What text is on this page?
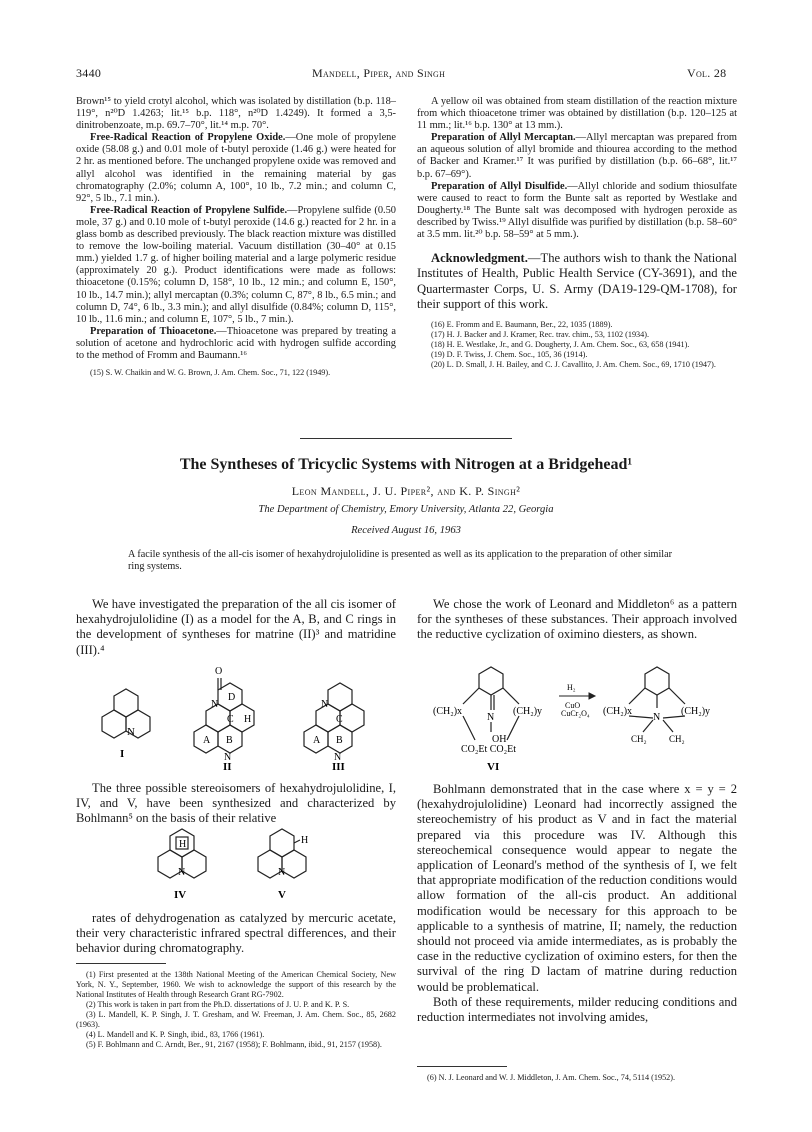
3440	Mandell, Piper, and Singh	Vol. 28

Brown¹⁵ to yield crotyl alcohol, which was isolated by distillation (b.p. 118–119°, n²⁰D 1.4263; lit.¹⁵ b.p. 118°, n²⁰D 1.4249). It formed a 3,5-dinitrobenzoate, m.p. 69.7–70°, lit.¹⁴ m.p. 70°.

Free-Radical Reaction of Propylene Oxide.—One mole of propylene oxide (58.08 g.) and 0.01 mole of t-butyl peroxide (1.46 g.) were heated for 2 hr. as mentioned before. The unchanged propylene oxide was removed and allyl alcohol was identified in the remaining material by gas chromatography (2.0%; column A, 100°, 10 lb., 7.2 min.; and column C, 92°, 5 lb., 7.1 min.).

Free-Radical Reaction of Propylene Sulfide.—Propylene sulfide (0.50 mole, 37 g.) and 0.10 mole of t-butyl peroxide (14.6 g.) reacted for 2 hr. in a glass bomb as described previously. The black reaction mixture was distilled to remove the low-boiling material. Vacuum distillation (30–40° at 0.15 mm.) yielded 1.7 g. of higher boiling material and a large polymeric residue (approximately 20 g.). Product identifications were made as follows: thioacetone (0.15%; column D, 158°, 10 lb., 12 min.; and column E, 150°, 10 lb., 14.7 min.); allyl mercaptan (0.3%; column C, 87°, 8 lb., 6.5 min.; and column D, 74°, 6 lb., 3.3 min.); and allyl disulfide (0.84%; column D, 115°, 10 lb., 11.6 min.; and column E, 107°, 5 lb., 7 min.).

Preparation of Thioacetone.—Thioacetone was prepared by treating a solution of acetone and hydrochloric acid with hydrogen sulfide according to the method of Fromm and Baumann.¹⁶

(15) S. W. Chaikin and W. G. Brown, J. Am. Chem. Soc., 71, 122 (1949).

A yellow oil was obtained from steam distillation of the reaction mixture from which thioacetone trimer was obtained by distillation (b.p. 120–125 at 11 mm.; lit.¹⁶ b.p. 130° at 13 mm.).

Preparation of Allyl Mercaptan.—Allyl mercaptan was prepared from an aqueous solution of allyl bromide and thiourea according to the method of Backer and Kramer.¹⁷ It was purified by distillation (b.p. 66–68°, lit.¹⁷ b.p. 67–69°).

Preparation of Allyl Disulfide.—Allyl chloride and sodium thiosulfate were caused to react to form the Bunte salt as reported by Westlake and Dougherty.¹⁸ The Bunte salt was decomposed with hydrogen peroxide as described by Twiss.¹⁹ Allyl disulfide was purified by distillation (b.p. 58–60° at 3.5 mm. lit.²⁰ b.p. 58–59° at 5 mm.).

Acknowledgment.—The authors wish to thank the National Institutes of Health, Public Health Service (CY-3691), and the Quartermaster Corps, U. S. Army (DA19-129-QM-1708), for their support of this work.

(16) E. Fromm and E. Baumann, Ber., 22, 1035 (1889).

(17) H. J. Backer and J. Kramer, Rec. trav. chim., 53, 1102 (1934).

(18) H. E. Westlake, Jr., and G. Dougherty, J. Am. Chem. Soc., 63, 658 (1941).

(19) D. F. Twiss, J. Chem. Soc., 105, 36 (1914).

(20) L. D. Small, J. H. Bailey, and C. J. Cavallito, J. Am. Chem. Soc., 69, 1710 (1947).

The Syntheses of Tricyclic Systems with Nitrogen at a Bridgehead¹
Leon Mandell, J. U. Piper², and K. P. Singh²
The Department of Chemistry, Emory University, Atlanta 22, Georgia
Received August 16, 1963
A facile synthesis of the all-cis isomer of hexahydrojulolidine is presented as well as its application to the preparation of other similar ring systems.

We have investigated the preparation of the all cis isomer of hexahydrojulolidine (I) as a model for the A, B, and C rings in the development of syntheses for matrine (II)³ and matridine (III).⁴

N
I
O
D
N
C H
A B
N
II
N
C
A B
N
III

The three possible stereoisomers of hexahydrojulolidine, I, IV, and V, have been synthesized and characterized by Bohlmann⁵ on the basis of their relative

H
N
IV
H
N
V

rates of dehydrogenation as catalyzed by mercuric acetate, their very characteristic infrared spectral differences, and their behavior during chromatography.

(1) First presented at the 138th National Meeting of the American Chemical Society, New York, N. Y., September, 1960. We wish to acknowledge the support of this research by the National Institutes of Health through Research Grant RG-7902.

(2) This work is taken in part from the Ph.D. dissertations of J. U. P. and K. P. S.

(3) L. Mandell, K. P. Singh, J. T. Gresham, and W. Freeman, J. Am. Chem. Soc., 85, 2682 (1963).

(4) L. Mandell and K. P. Singh, ibid., 83, 1766 (1961).

(5) F. Bohlmann and C. Arndt, Ber., 91, 2167 (1958); F. Bohlmann, ibid., 91, 2157 (1958).

We chose the work of Leonard and Middleton⁶ as a pattern for the syntheses of these substances. Their approach involved the reductive cyclization of oximino diesters, as shown.

(CH₂)x
N
(CH₂)y
OH
CO₂Et CO₂Et
VI
H₂
CuO
CuCr₂O₄ (CH₂)x
N
(CH₂)y
CH₂ CH₂

Bohlmann demonstrated that in the case where x = y = 2 (hexahydrojulolidine) Leonard had incorrectly assigned the stereochemistry of his product as V and in fact the material prepared via this procedure was IV. Although this stereochemical consequence would appear to negate the application of Leonard's method of the synthesis of I, we felt that appropriate modification of the reduction conditions would allow formation of the all-cis product. An additional modification would be necessary for this approach to be applicable to a synthesis of matrine, II; namely, the reduction should not proceed via amide intermediates, as is probably the case in the reductive cyclization of oximino esters, for then the survival of the ring D lactam of matrine during reduction would be problematical.

Both of these requirements, milder reducing conditions and reduction intermediates not involving amides,

(6) N. J. Leonard and W. J. Middleton, J. Am. Chem. Soc., 74, 5114 (1952).
